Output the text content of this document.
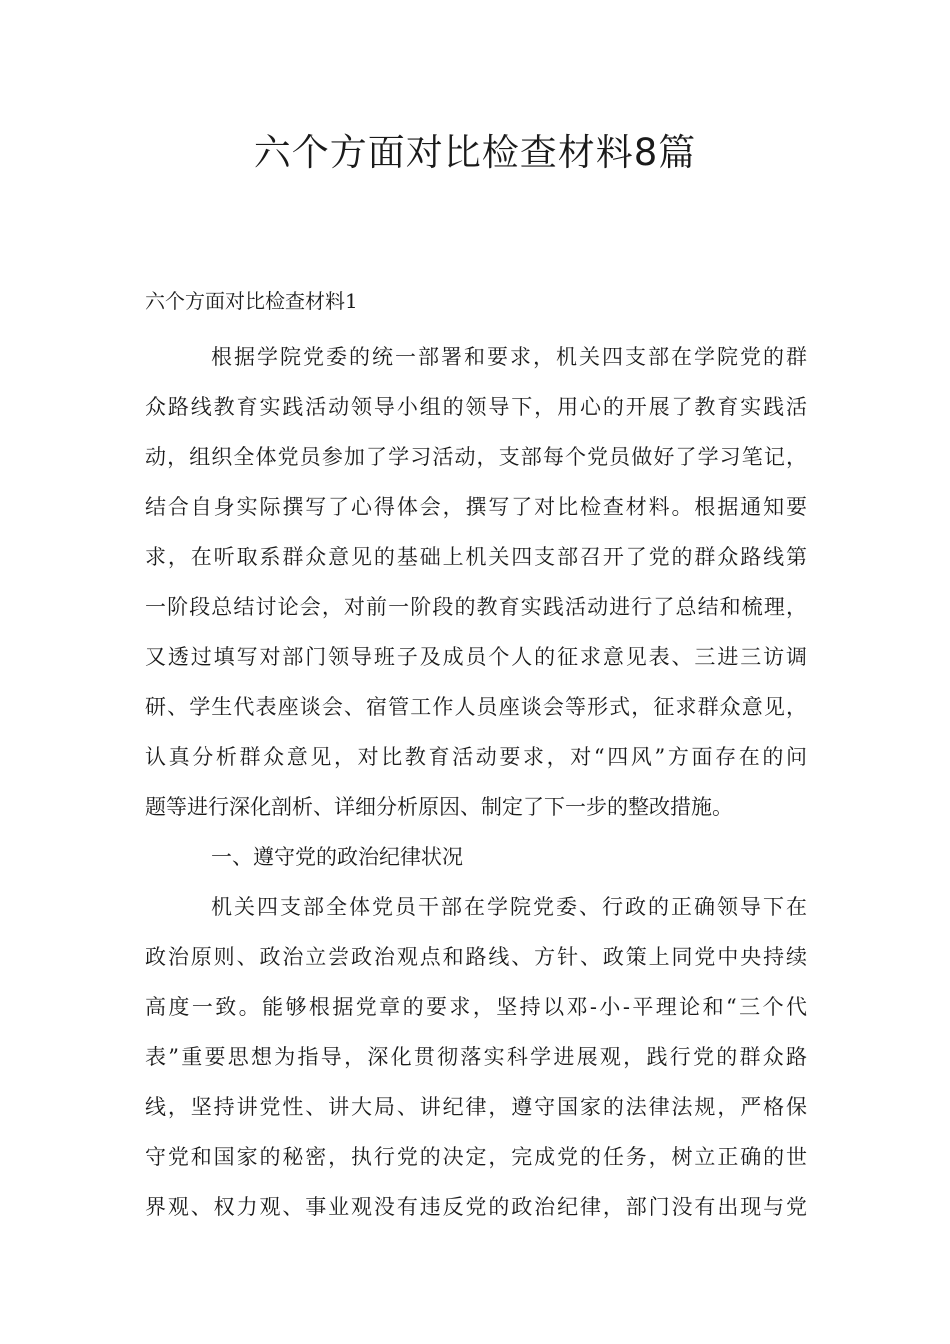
六个方面对比检查材料8篇
六个方面对比检查材料1
根据学院党委的统一部署和要求，机关四支部在学院党的群
众路线教育实践活动领导小组的领导下，用心的开展了教育实践活
动，组织全体党员参加了学习活动，支部每个党员做好了学习笔记，
结合自身实际撰写了心得体会，撰写了对比检查材料。根据通知要
求，在听取系群众意见的基础上机关四支部召开了党的群众路线第
一阶段总结讨论会，对前一阶段的教育实践活动进行了总结和梳理，
又透过填写对部门领导班子及成员个人的征求意见表、三进三访调
研、学生代表座谈会、宿管工作人员座谈会等形式，征求群众意见，
认真分析群众意见，对比教育活动要求，对“四风”方面存在的问
题等进行深化剖析、详细分析原因、制定了下一步的整改措施。
一、遵守党的政治纪律状况
机关四支部全体党员干部在学院党委、行政的正确领导下在
政治原则、政治立尝政治观点和路线、方针、政策上同党中央持续
高度一致。能够根据党章的要求，坚持以邓-小-平理论和“三个代
表”重要思想为指导，深化贯彻落实科学进展观，践行党的群众路
线，坚持讲党性、讲大局、讲纪律，遵守国家的法律法规，严格保
守党和国家的秘密，执行党的决定，完成党的任务，树立正确的世
界观、权力观、事业观没有违反党的政治纪律，部门没有出现与党
